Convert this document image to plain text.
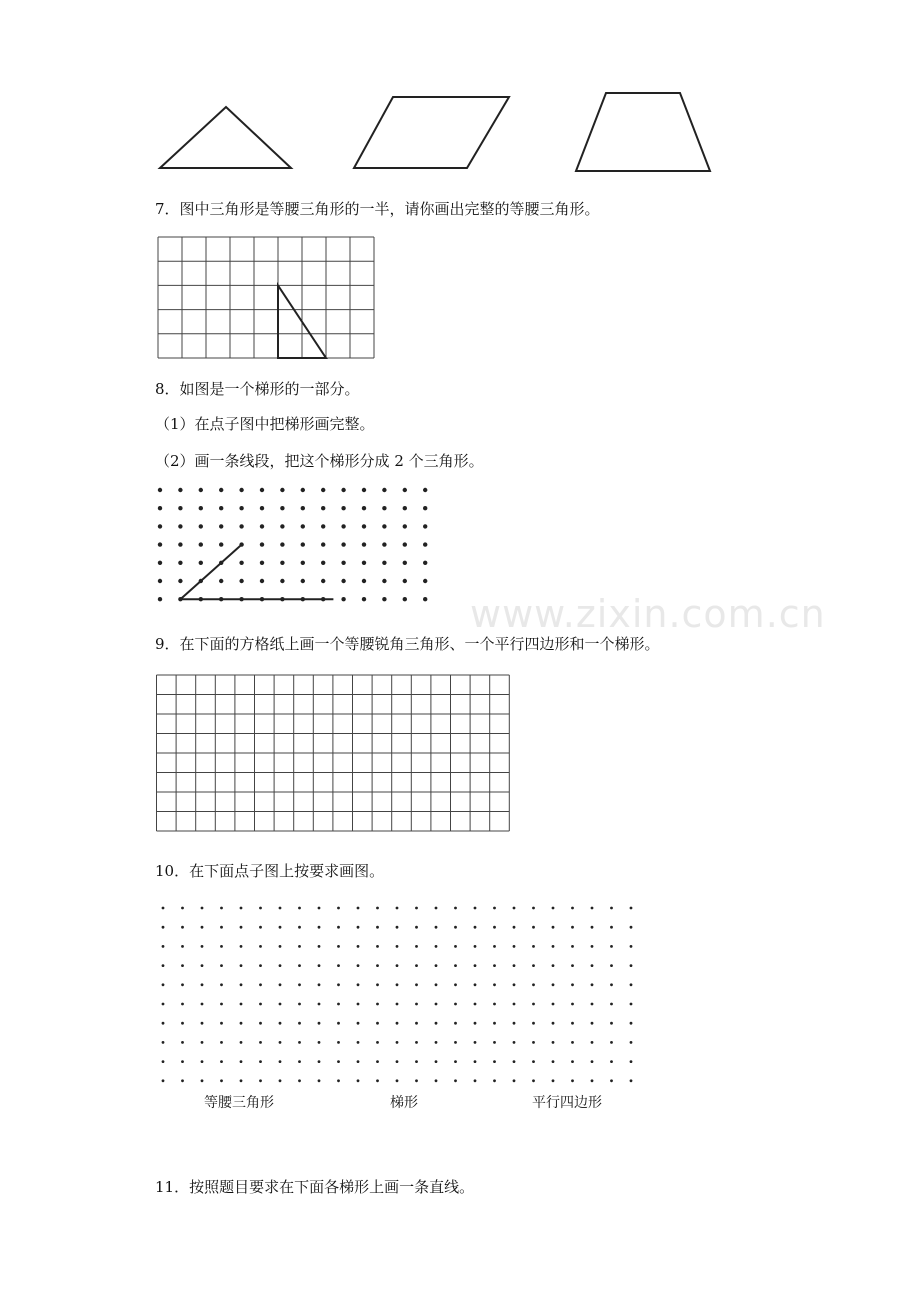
7．图中三角形是等腰三角形的一半，请你画出完整的等腰三角形。
8．如图是一个梯形的一部分。
（1）在点子图中把梯形画完整。
（2）画一条线段，把这个梯形分成 2 个三角形。
www.zixin.com.cn
9．在下面的方格纸上画一个等腰锐角三角形、一个平行四边形和一个梯形。
10．在下面点子图上按要求画图。
等腰三角形	梯形	平行四边形
11．按照题目要求在下面各梯形上画一条直线。
